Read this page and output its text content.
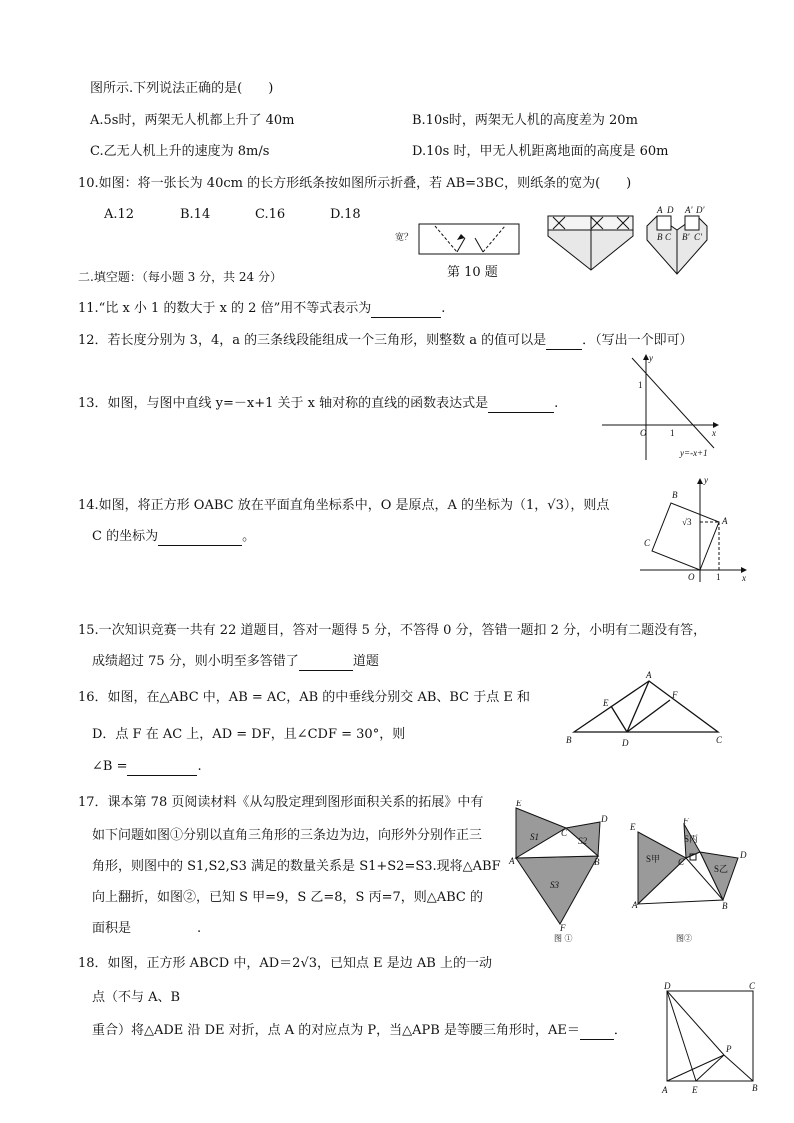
图所示.下列说法正确的是(　　)
A.5s时，两架无人机都上升了 40m	B.10s时，两架无人机的高度差为 20m
C.乙无人机上升的速度为 8m/s	D.10s 时，甲无人机距离地面的高度是 60m
10.如图：将一张长为 40cm 的长方形纸条按如图所示折叠，若 AB=3BC，则纸条的宽为(　　)
A.12	B.14	C.16	D.18
宽？
A D A' D'
B C B' C'
第 10 题
二.填空题：（每小题 3 分，共 24 分）
11.“比 x 小 1 的数大于 x 的 2 倍”用不等式表示为	.
12．若长度分别为 3，4，a 的三条线段能组成一个三角形，则整数 a 的值可以是	．（写出一个即可）
13．如图，与图中直线 y=－x+1 关于 x 轴对称的直线的函数表达式是	.
y
x
O
1
1
y=-x+1
14.如图，将正方形 OABC 放在平面直角坐标系中，O 是原点，A 的坐标为（1，√3），则点
C 的坐标为	。
B
A
C
O	x
y
1
√3
15.一次知识竞赛一共有 22 道题目，答对一题得 5 分，不答得 0 分，答错一题扣 2 分，小明有二题没有答，
成绩超过 75 分，则小明至多答错了	道题
16．如图，在△ABC 中，AB = AC，AB 的中垂线分别交 AB、BC 于点 E 和
D．点 F 在 AC 上，AD = DF，且∠CDF = 30°，则
∠B =	.
A
B	C
D
E
F
17．课本第 78 页阅读材料《从勾股定理到图形面积关系的拓展》中有
如下问题如图①分别以直角三角形的三条边为边，向形外分别作正三
角形，则图中的 S1,S2,S3 满足的数量关系是 S1+S2=S3.现将△ABF
向上翻折，如图②，已知 S 甲=9，S 乙=8，S 丙=7，则△ABC 的
面积是	.
E
D
A	B
C
F
S1	S2
S3
图 ①
E
F
D
A	B
C
S甲
S丙
S乙
图②
18．如图，正方形 ABCD 中，AD＝2√3，已知点 E 是边 AB 上的一动
点（不与 A、B
重合）将△ADE 沿 DE 对折，点 A 的对应点为 P，当△APB 是等腰三角形时，AE＝	．
D	C
A	E	B
P
